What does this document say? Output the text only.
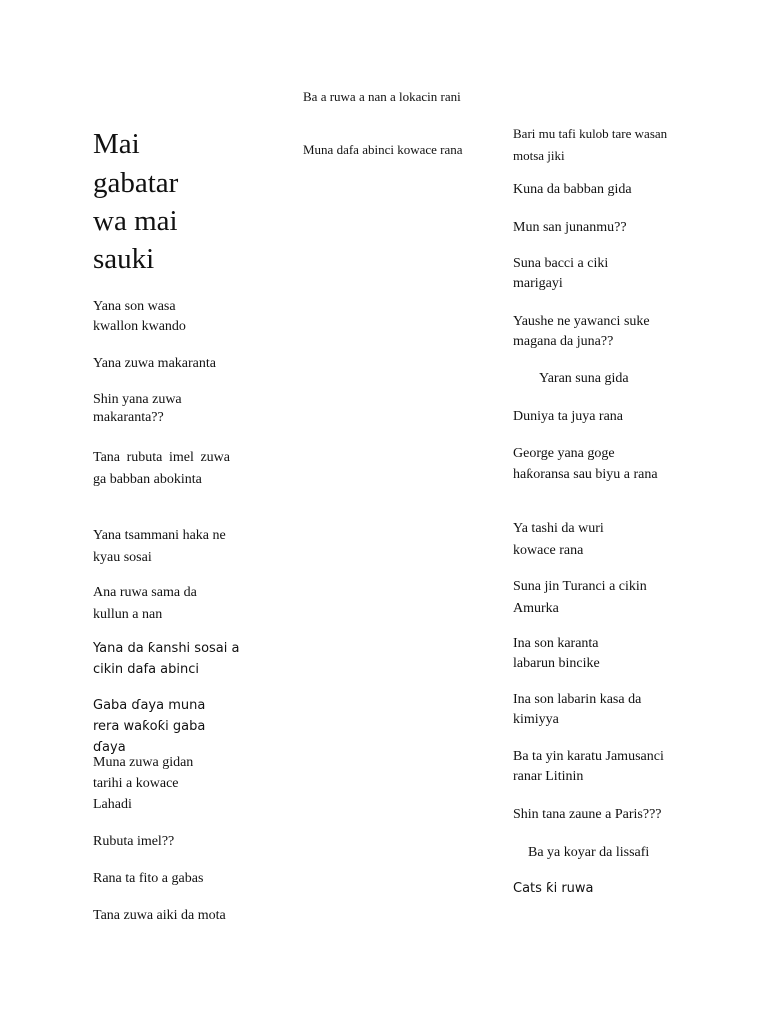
Mai

gabatar

wa mai

sauki

Yana son wasa kwallon kwando

Yana zuwa makaranta

Shin yana zuwa makaranta??

Tana rubuta imel zuwa ga babban abokinta

Yana tsammani haka ne kyau sosai

Ana ruwa sama da kullun a nan

Yana da ƙanshi sosai a cikin dafa abinci

Gaba ɗaya muna rera waƙoƙi gaba ɗaya

Muna zuwa gidan tarihi a kowace Lahadi

Rubuta imel??

Rana ta fito a gabas

Tana zuwa aiki da mota

Ba a ruwa a nan a lokacin rani

Muna dafa abinci kowace rana

Bari mu tafi kulob tare wasan motsa jiki

Kuna da babban gida

Mun san junanmu??

Suna bacci a ciki marigayi

Yaushe ne yawanci suke magana da juna??

Yaran suna gida

Duniya ta juya rana

George yana goge haƙoransa sau biyu a rana

Ya tashi da wuri kowace rana

Suna jin Turanci a cikin Amurka

Ina son karanta labarun bincike

Ina son labarin kasa da kimiyya

Ba ta yin karatu Jamusanci ranar Litinin

Shin tana zaune a Paris???

Ba ya koyar da lissafi

Cats ƙi ruwa
